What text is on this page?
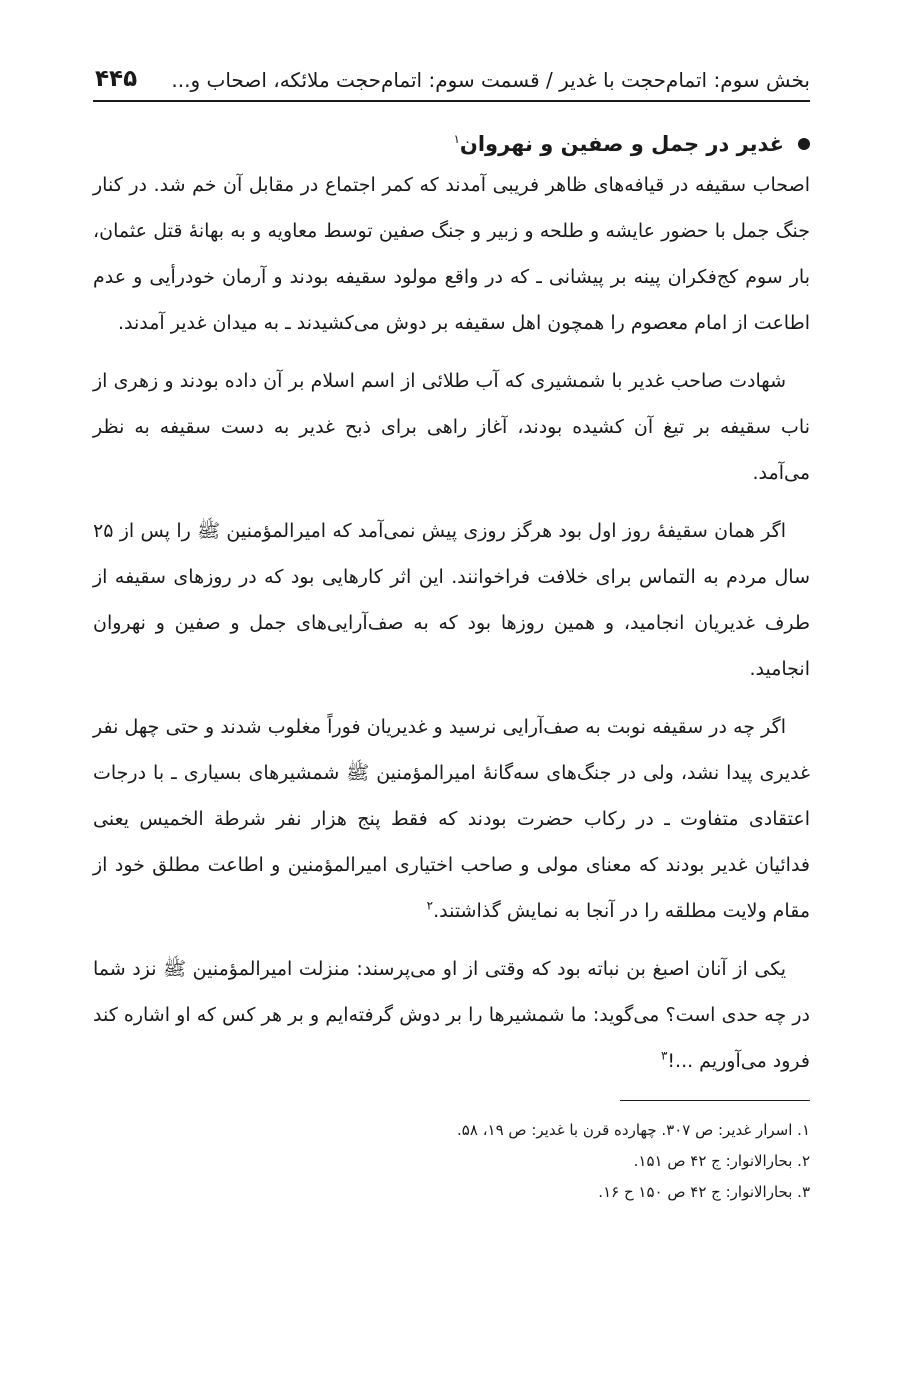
بخش سوم: اتمام‌حجت با غدیر / قسمت سوم: اتمام‌حجت ملائکه، اصحاب و...
۴۴۵
غدیر در جمل و صفین و نهروان$^۱$

اصحاب سقیفه در قیافه‌های ظاهر فریبی آمدند که کمر اجتماع در مقابل آن خم شد. در کنار جنگ جمل با حضور عایشه و طلحه و زبیر و جنگ صفین توسط معاویه و به بهانهٔ قتل عثمان، بار سوم کج‌فکران پینه بر پیشانی ـ که در واقع مولود سقیفه بودند و آرمان خودرأیی و عدم اطاعت از امام معصوم را همچون اهل سقیفه بر دوش می‌کشیدند ـ به میدان غدیر آمدند.

شهادت صاحب غدیر با شمشیری که آب طلائی از اسم اسلام بر آن داده بودند و زهری از ناب سقیفه بر تیغ آن کشیده بودند، آغاز راهی برای ذبح غدیر به دست سقیفه به نظر می‌آمد.

اگر همان سقیفهٔ روز اول بود هرگز روزی پیش نمی‌آمد که امیرالمؤمنین ﷺ را پس از ۲۵ سال مردم به التماس برای خلافت فراخوانند. این اثر کارهایی بود که در روزهای سقیفه از طرف غدیریان انجامید، و همین روزها بود که به صف‌آرایی‌های جمل و صفین و نهروان انجامید.

اگر چه در سقیفه نوبت به صف‌آرایی نرسید و غدیریان فوراً مغلوب شدند و حتی چهل نفر غدیری پیدا نشد، ولی در جنگ‌های سه‌گانهٔ امیرالمؤمنین ﷺ شمشیرهای بسیاری ـ با درجات اعتقادی متفاوت ـ در رکاب حضرت بودند که فقط پنج هزار نفر شرطة الخمیس یعنی فدائیان غدیر بودند که معنای مولی و صاحب اختیاری امیرالمؤمنین و اطاعت مطلق خود از مقام ولایت مطلقه را در آنجا به نمایش گذاشتند.$^۲$

یکی از آنان اصبغ بن نباته بود که وقتی از او می‌پرسند: منزلت امیرالمؤمنین ﷺ نزد شما در چه حدی است؟ می‌گوید: ما شمشیرها را بر دوش گرفته‌ایم و بر هر کس که او اشاره کند فرود می‌آوریم ...!$^۳$

۱. اسرار غدیر: ص ۳۰۷. چهارده قرن با غدیر: ص ۱۹، ۵۸.
۲. بحارالانوار: ج ۴۲ ص ۱۵۱.
۳. بحارالانوار: ج ۴۲ ص ۱۵۰ ح ۱۶.
